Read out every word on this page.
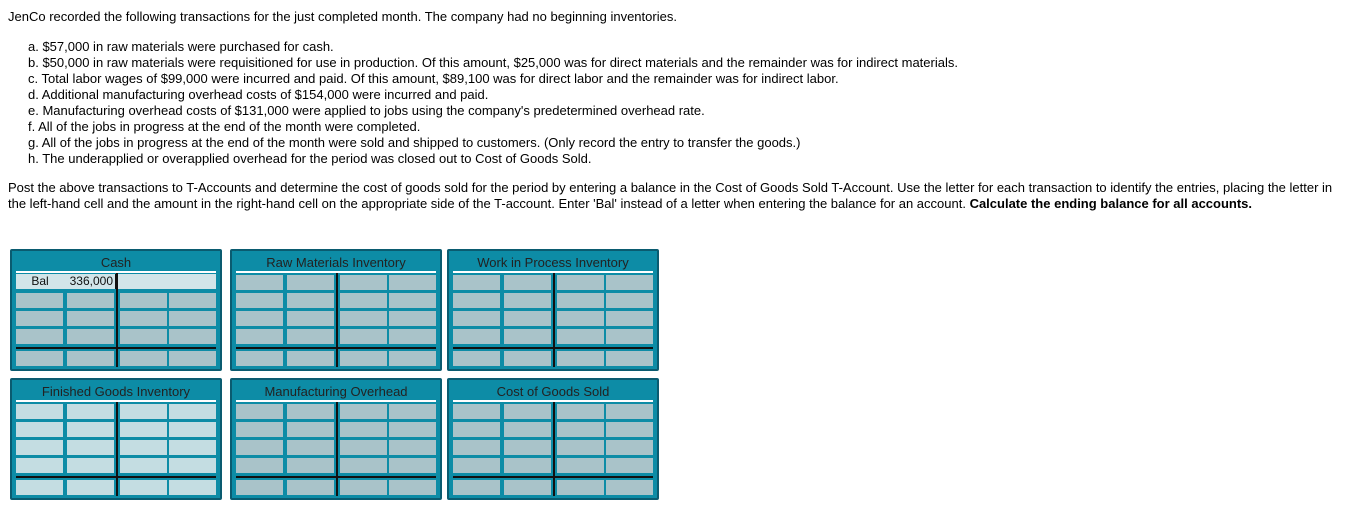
JenCo recorded the following transactions for the just completed month. The company had no beginning inventories.

a. $57,000 in raw materials were purchased for cash.
b. $50,000 in raw materials were requisitioned for use in production. Of this amount, $25,000 was for direct materials and the remainder was for indirect materials.
c. Total labor wages of $99,000 were incurred and paid. Of this amount, $89,100 was for direct labor and the remainder was for indirect labor.
d. Additional manufacturing overhead costs of $154,000 were incurred and paid.
e. Manufacturing overhead costs of $131,000 were applied to jobs using the company's predetermined overhead rate.
f. All of the jobs in progress at the end of the month were completed.
g. All of the jobs in progress at the end of the month were sold and shipped to customers. (Only record the entry to transfer the goods.)
h. The underapplied or overapplied overhead for the period was closed out to Cost of Goods Sold.

Post the above transactions to T-Accounts and determine the cost of goods sold for the period by entering a balance in the Cost of Goods Sold T-Account. Use the letter for each transaction to identify the entries, placing the letter in the left-hand cell and the amount in the right-hand cell on the appropriate side of the T-account. Enter 'Bal' instead of a letter when entering the balance for an account. Calculate the ending balance for all accounts.

Cash
Bal	336,000
Raw Materials Inventory	Work in Process Inventory
Finished Goods Inventory	Manufacturing Overhead	Cost of Goods Sold
